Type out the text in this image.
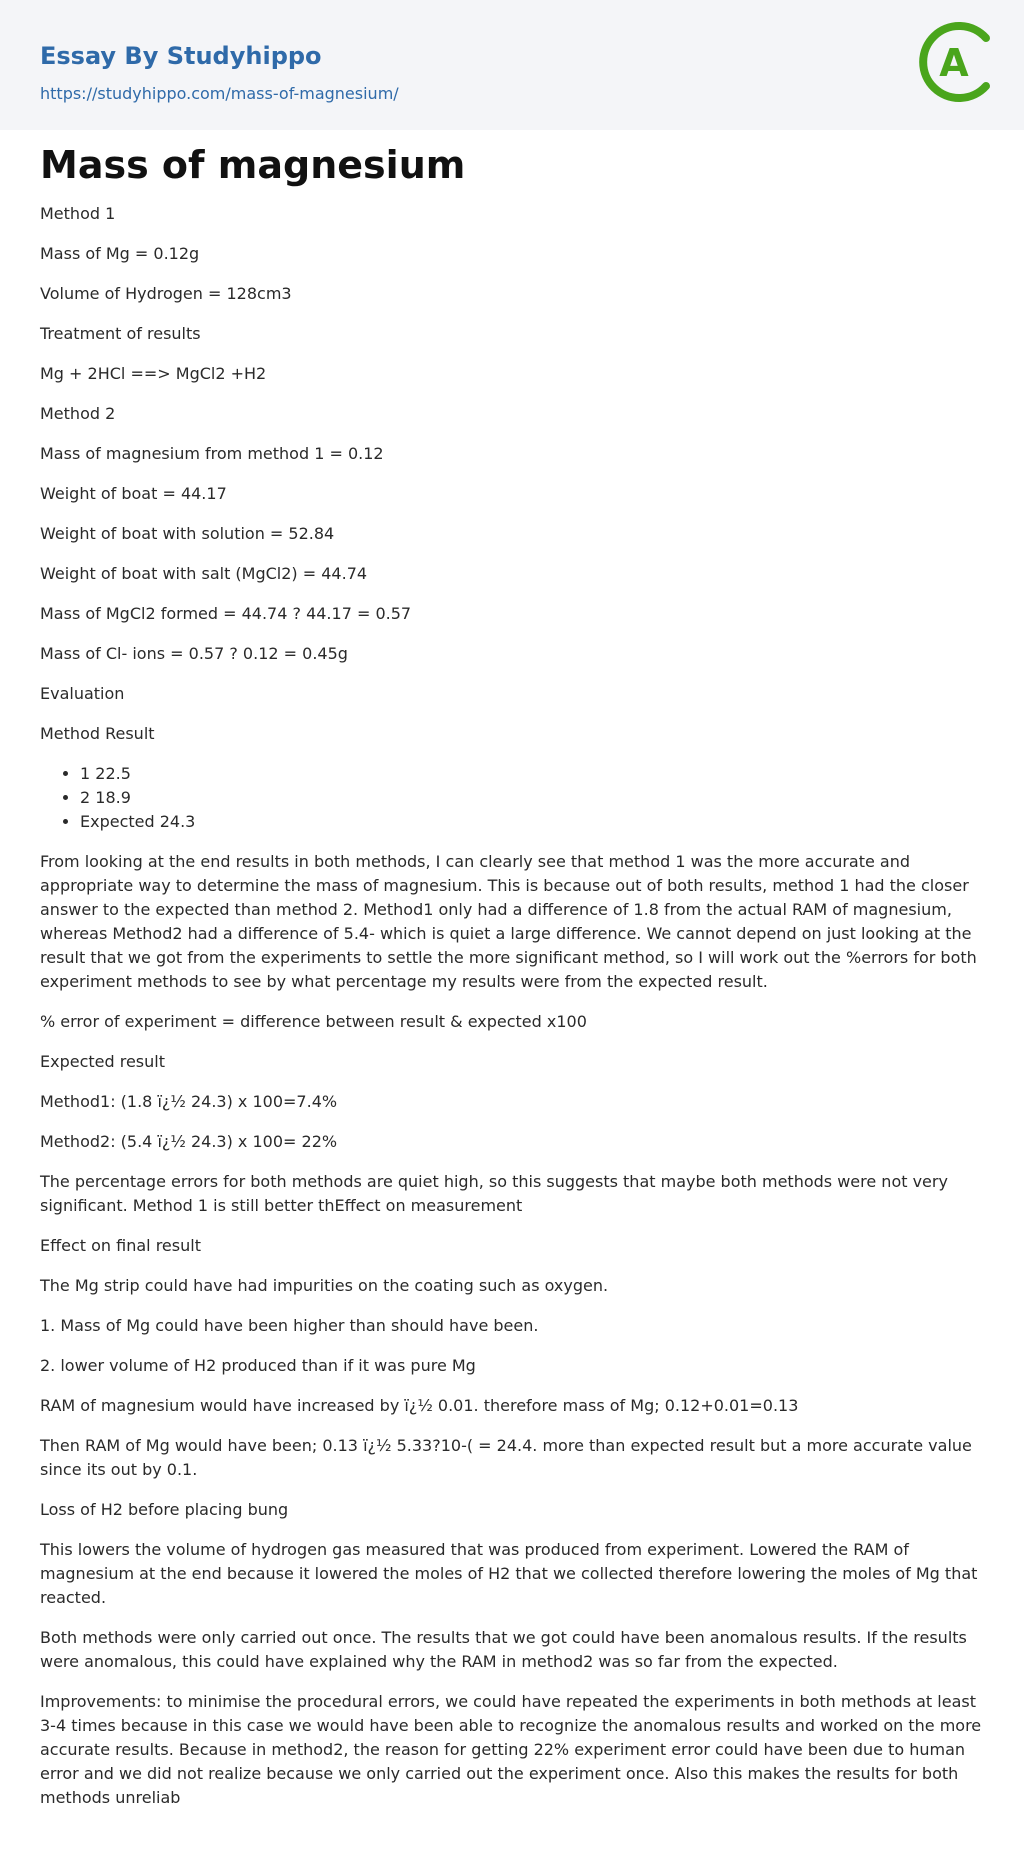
Essay By Studyhippo
https://studyhippo.com/mass-of-magnesium/
A
Mass of magnesium

Method 1

Mass of Mg = 0.12g

Volume of Hydrogen = 128cm3

Treatment of results

Mg + 2HCl ==> MgCl2 +H2

Method 2

Mass of magnesium from method 1 = 0.12

Weight of boat = 44.17

Weight of boat with solution = 52.84

Weight of boat with salt (MgCl2) = 44.74

Mass of MgCl2 formed = 44.74 ? 44.17 = 0.57

Mass of Cl- ions = 0.57 ? 0.12 = 0.45g

Evaluation

Method Result

• 1 22.5
• 2 18.9
• Expected 24.3

From looking at the end results in both methods, I can clearly see that method 1 was the more accurate and appropriate way to determine the mass of magnesium. This is because out of both results, method 1 had the closer answer to the expected than method 2. Method1 only had a difference of 1.8 from the actual RAM of magnesium, whereas Method2 had a difference of 5.4- which is quiet a large difference. We cannot depend on just looking at the result that we got from the experiments to settle the more significant method, so I will work out the %errors for both experiment methods to see by what percentage my results were from the expected result.

% error of experiment = difference between result & expected x100

Expected result

Method1: (1.8 ï¿½ 24.3) x 100=7.4%

Method2: (5.4 ï¿½ 24.3) x 100= 22%

The percentage errors for both methods are quiet high, so this suggests that maybe both methods were not very significant. Method 1 is still better thEffect on measurement

Effect on final result

The Mg strip could have had impurities on the coating such as oxygen.

1. Mass of Mg could have been higher than should have been.

2. lower volume of H2 produced than if it was pure Mg

RAM of magnesium would have increased by ï¿½ 0.01. therefore mass of Mg; 0.12+0.01=0.13

Then RAM of Mg would have been; 0.13 ï¿½ 5.33?10-( = 24.4. more than expected result but a more accurate value since its out by 0.1.

Loss of H2 before placing bung

This lowers the volume of hydrogen gas measured that was produced from experiment. Lowered the RAM of magnesium at the end because it lowered the moles of H2 that we collected therefore lowering the moles of Mg that reacted.

Both methods were only carried out once. The results that we got could have been anomalous results. If the results were anomalous, this could have explained why the RAM in method2 was so far from the expected.

Improvements: to minimise the procedural errors, we could have repeated the experiments in both methods at least 3-4 times because in this case we would have been able to recognize the anomalous results and worked on the more accurate results. Because in method2, the reason for getting 22% experiment error could have been due to human error and we did not realize because we only carried out the experiment once. Also this makes the results for both methods unreliab
